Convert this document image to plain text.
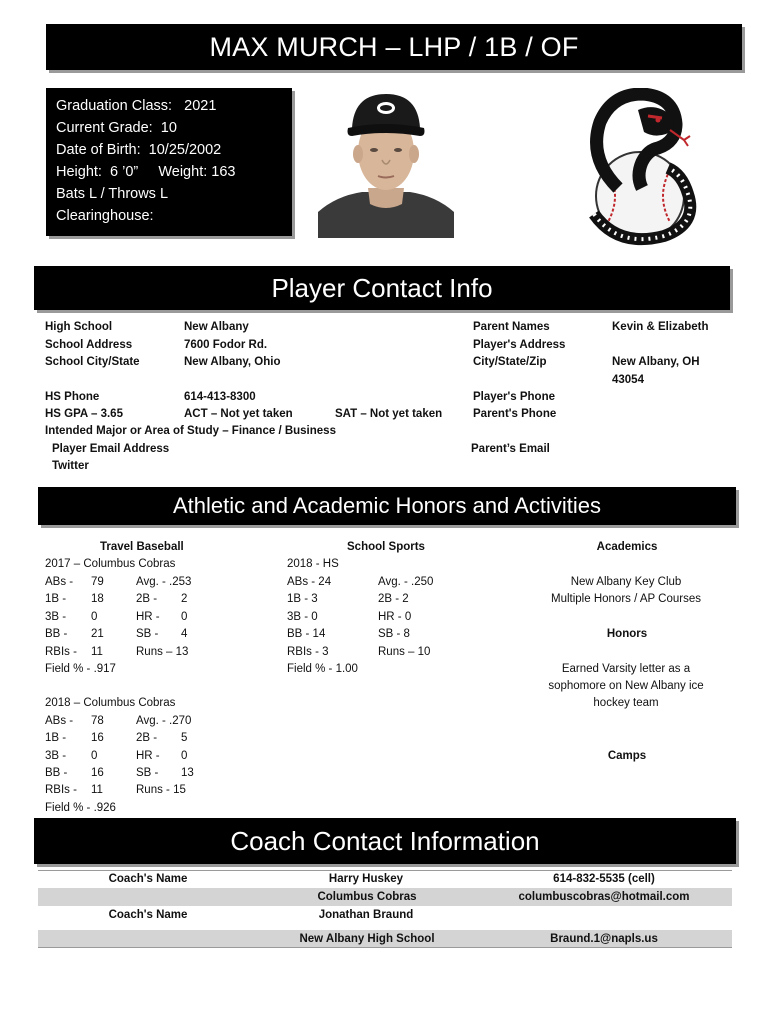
MAX MURCH – LHP / 1B / OF
Graduation Class:   2021
Current Grade:  10
Date of Birth:  10/25/2002
Height:  6 ’0”     Weight: 163
Bats L / Throws L
Clearinghouse:
Player Contact Info
High School	New Albany
School Address	7600 Fodor Rd.
School City/State	New Albany, Ohio
HS Phone	614-413-8300
HS GPA – 3.65	ACT – Not yet taken	SAT – Not yet taken
Intended Major or Area of Study – Finance / Business
Player Email Address
Twitter
Parent Names	Kevin & Elizabeth
Player's Address
City/State/Zip	New Albany, OH
43054
Player's Phone
Parent's Phone
Parent’s Email
Athletic and Academic Honors and Activities
Travel Baseball
2017 – Columbus Cobras
ABs - 79	Avg. - .253
1B - 18	2B - 2
3B - 0	HR - 0
BB - 21	SB - 4
RBIs - 11	Runs – 13
Field % - .917
2018 – Columbus Cobras
ABs - 78	Avg. - .270
1B - 16	2B - 5
3B - 0	HR - 0
BB - 16	SB - 13
RBIs - 11	Runs - 15
Field % - .926
School Sports
2018 - HS
ABs - 24	Avg. - .250
1B - 3	2B - 2
3B - 0	HR - 0
BB - 14	SB - 8
RBIs - 3	Runs – 10
Field % - 1.00
Academics
New Albany Key Club
Multiple Honors / AP Courses
Honors
Earned Varsity letter as a
sophomore on New Albany ice
hockey team
Camps
Coach Contact Information
Coach's Name	Harry Huskey	614-832-5535 (cell)
Columbus Cobras	columbuscobras@hotmail.com
Coach's Name	Jonathan Braund
New Albany High School	Braund.1@napls.us
